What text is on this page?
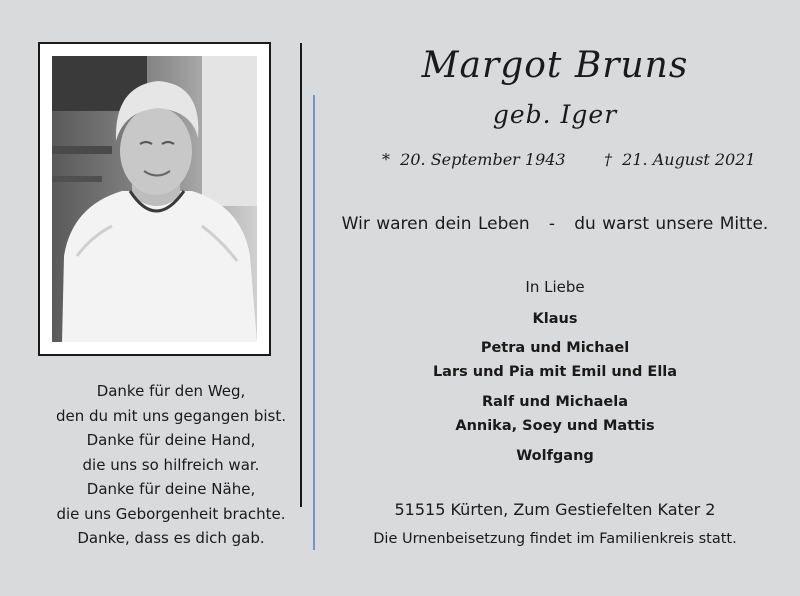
Danke für den Weg,
den du mit uns gegangen bist.
Danke für deine Hand,
die uns so hilfreich war.
Danke für deine Nähe,
die uns Geborgenheit brachte.
Danke, dass es dich gab.
Margot Bruns
geb. Iger
* 20. September 1943 † 21. August 2021
Wir waren dein Leben - du warst unsere Mitte.
In Liebe
Klaus
Petra und Michael
Lars und Pia mit Emil und Ella
Ralf und Michaela
Annika, Soey und Mattis
Wolfgang
51515 Kürten, Zum Gestiefelten Kater 2
Die Urnenbeisetzung findet im Familienkreis statt.
